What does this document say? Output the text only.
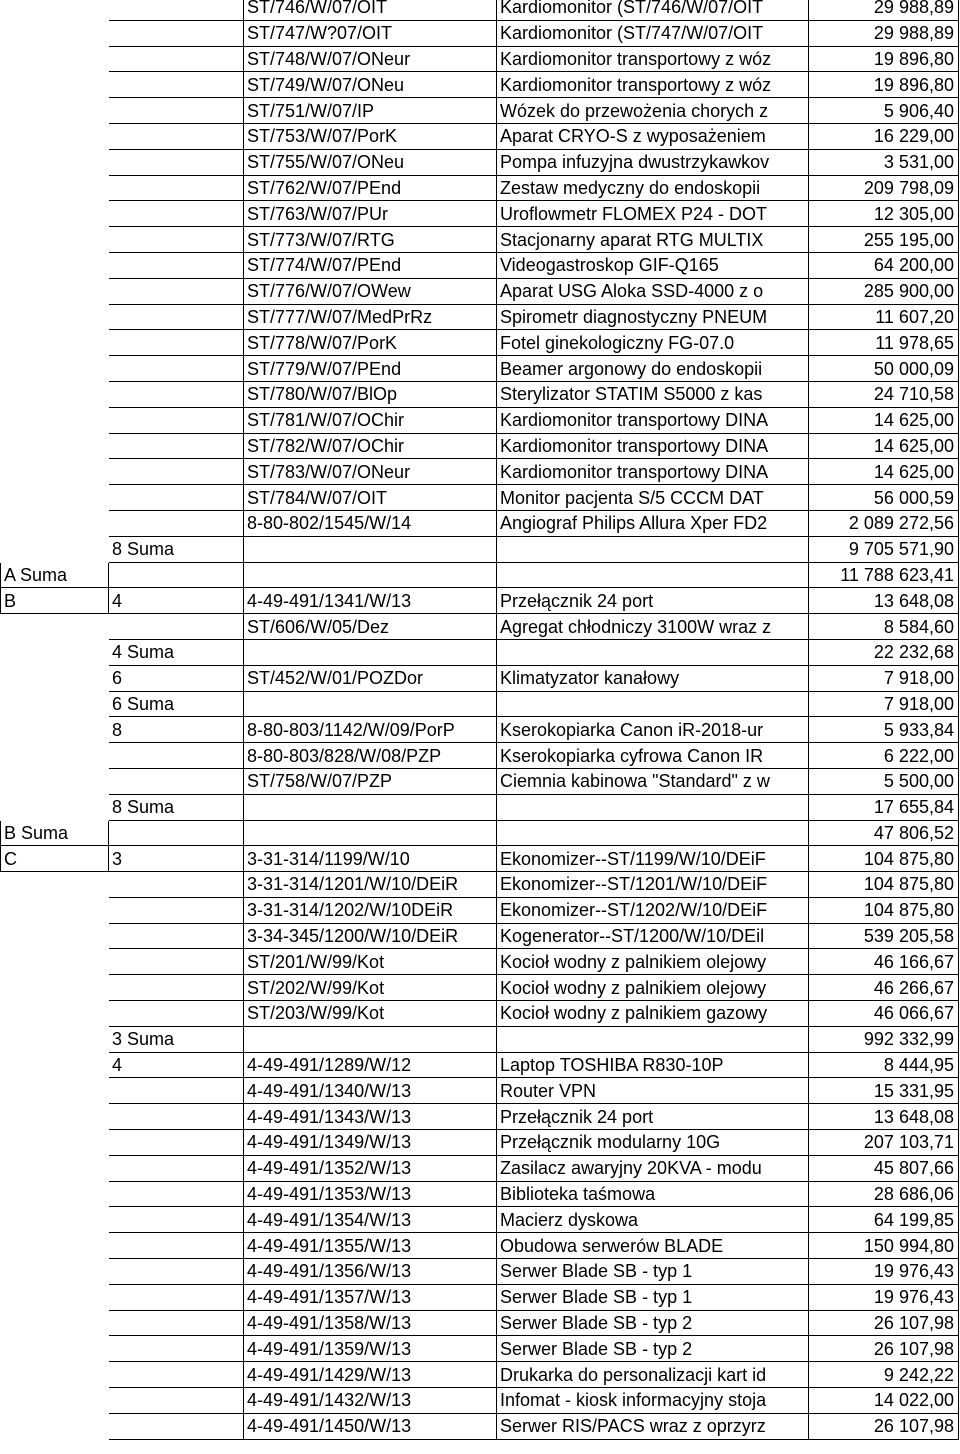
		ST/746/W/07/OIT	Kardiomonitor (ST/746/W/07/OIT	29 988,89
		ST/747/W?07/OIT	Kardiomonitor (ST/747/W/07/OIT	29 988,89
		ST/748/W/07/ONeur	Kardiomonitor transportowy z wóz	19 896,80
		ST/749/W/07/ONeu	Kardiomonitor transportowy z wóz	19 896,80
		ST/751/W/07/IP	Wózek do przewożenia chorych z	5 906,40
		ST/753/W/07/PorK	Aparat CRYO-S z wyposażeniem	16 229,00
		ST/755/W/07/ONeu	Pompa infuzyjna dwustrzykawkov	3 531,00
		ST/762/W/07/PEnd	Zestaw medyczny do endoskopii	209 798,09
		ST/763/W/07/PUr	Uroflowmetr FLOMEX P24 - DOT	12 305,00
		ST/773/W/07/RTG	Stacjonarny aparat RTG MULTIX	255 195,00
		ST/774/W/07/PEnd	Videogastroskop GIF-Q165	64 200,00
		ST/776/W/07/OWew	Aparat USG Aloka SSD-4000 z o	285 900,00
		ST/777/W/07/MedPrRz	Spirometr diagnostyczny PNEUM	11 607,20
		ST/778/W/07/PorK	Fotel ginekologiczny FG-07.0	11 978,65
		ST/779/W/07/PEnd	Beamer argonowy do endoskopii	50 000,09
		ST/780/W/07/BlOp	Sterylizator STATIM S5000 z kas	24 710,58
		ST/781/W/07/OChir	Kardiomonitor transportowy DINA	14 625,00
		ST/782/W/07/OChir	Kardiomonitor transportowy DINA	14 625,00
		ST/783/W/07/ONeur	Kardiomonitor transportowy DINA	14 625,00
		ST/784/W/07/OIT	Monitor pacjenta S/5 CCCM DAT	56 000,59
		8-80-802/1545/W/14	Angiograf Philips Allura Xper FD2	2 089 272,56
	8 Suma			9 705 571,90
A Suma				11 788 623,41
B	4	4-49-491/1341/W/13	Przełącznik 24 port	13 648,08
		ST/606/W/05/Dez	Agregat chłodniczy 3100W wraz z	8 584,60
	4 Suma			22 232,68
	6	ST/452/W/01/POZDor	Klimatyzator kanałowy	7 918,00
	6 Suma			7 918,00
	8	8-80-803/1142/W/09/PorP	Kserokopiarka Canon iR-2018-ur	5 933,84
		8-80-803/828/W/08/PZP	Kserokopiarka cyfrowa Canon IR	6 222,00
		ST/758/W/07/PZP	Ciemnia kabinowa "Standard" z w	5 500,00
	8 Suma			17 655,84
B Suma				47 806,52
C	3	3-31-314/1199/W/10	Ekonomizer--ST/1199/W/10/DEiF	104 875,80
		3-31-314/1201/W/10/DEiR	Ekonomizer--ST/1201/W/10/DEiF	104 875,80
		3-31-314/1202/W/10DEiR	Ekonomizer--ST/1202/W/10/DEiF	104 875,80
		3-34-345/1200/W/10/DEiR	Kogenerator--ST/1200/W/10/DEil	539 205,58
		ST/201/W/99/Kot	Kocioł wodny z palnikiem olejowy	46 166,67
		ST/202/W/99/Kot	Kocioł wodny z palnikiem olejowy	46 266,67
		ST/203/W/99/Kot	Kocioł wodny z palnikiem gazowy	46 066,67
	3 Suma			992 332,99
	4	4-49-491/1289/W/12	Laptop TOSHIBA R830-10P	8 444,95
		4-49-491/1340/W/13	Router VPN	15 331,95
		4-49-491/1343/W/13	Przełącznik 24 port	13 648,08
		4-49-491/1349/W/13	Przełącznik modularny 10G	207 103,71
		4-49-491/1352/W/13	Zasilacz awaryjny 20KVA - modu	45 807,66
		4-49-491/1353/W/13	Biblioteka taśmowa	28 686,06
		4-49-491/1354/W/13	Macierz dyskowa	64 199,85
		4-49-491/1355/W/13	Obudowa serwerów BLADE	150 994,80
		4-49-491/1356/W/13	Serwer Blade SB - typ 1	19 976,43
		4-49-491/1357/W/13	Serwer Blade SB - typ 1	19 976,43
		4-49-491/1358/W/13	Serwer Blade SB - typ 2	26 107,98
		4-49-491/1359/W/13	Serwer Blade SB - typ 2	26 107,98
		4-49-491/1429/W/13	Drukarka do personalizacji kart id	9 242,22
		4-49-491/1432/W/13	Infomat - kiosk informacyjny stoja	14 022,00
		4-49-491/1450/W/13	Serwer RIS/PACS wraz z oprzyrz	26 107,98
